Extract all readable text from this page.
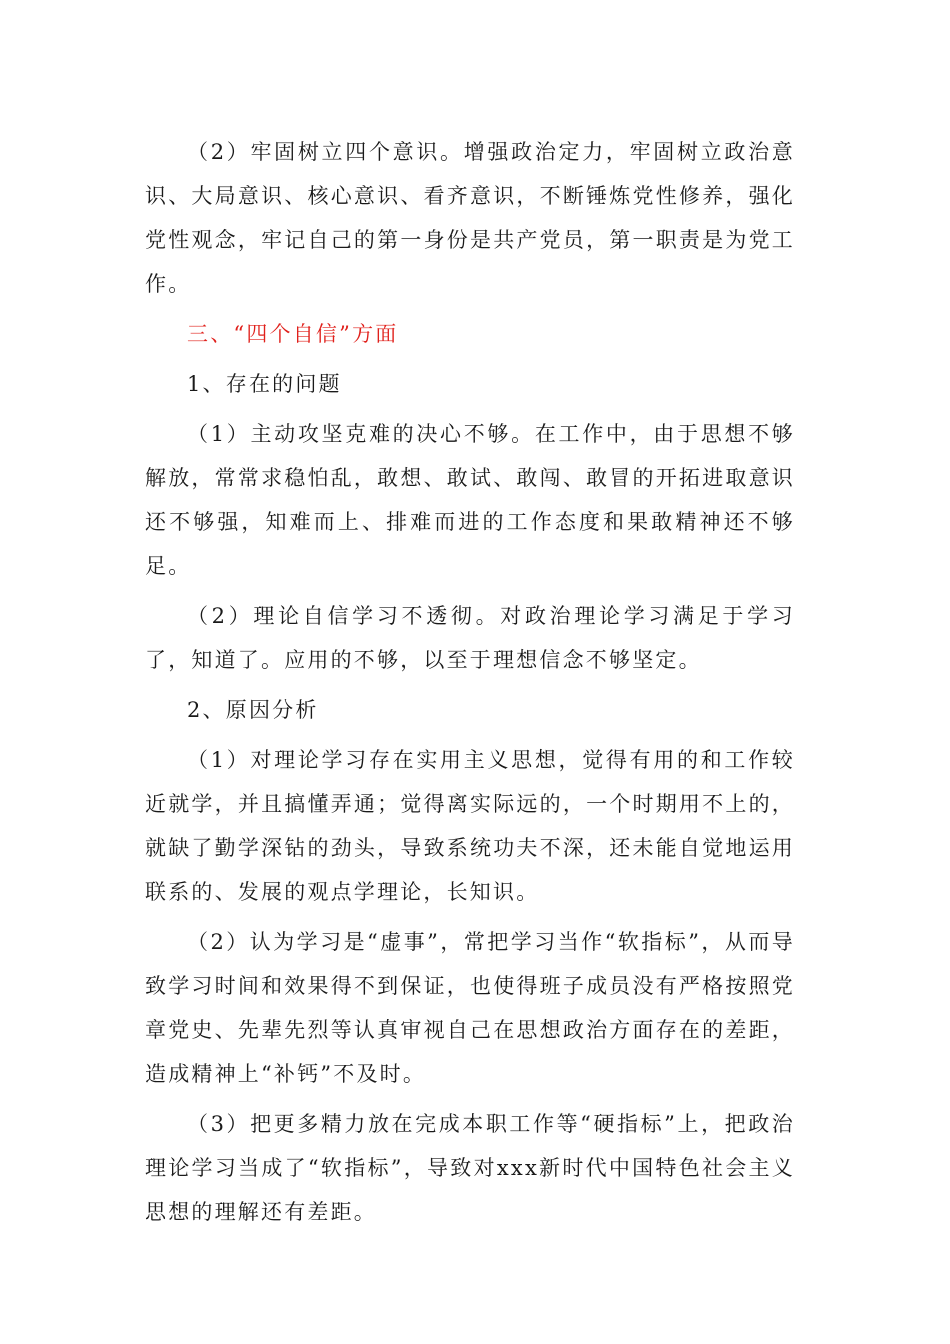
（2）牢固树立四个意识。增强政治定力，牢固树立政治意识、大局意识、核心意识、看齐意识，不断锤炼党性修养，强化党性观念，牢记自己的第一身份是共产党员，第一职责是为党工作。

三、“四个自信”方面

1、存在的问题

（1）主动攻坚克难的决心不够。在工作中，由于思想不够解放，常常求稳怕乱，敢想、敢试、敢闯、敢冒的开拓进取意识还不够强，知难而上、排难而进的工作态度和果敢精神还不够足。

（2）理论自信学习不透彻。对政治理论学习满足于学习了，知道了。应用的不够，以至于理想信念不够坚定。

2、原因分析

（1）对理论学习存在实用主义思想，觉得有用的和工作较近就学，并且搞懂弄通；觉得离实际远的，一个时期用不上的，就缺了勤学深钻的劲头，导致系统功夫不深，还未能自觉地运用联系的、发展的观点学理论，长知识。

（2）认为学习是“虚事”，常把学习当作“软指标”，从而导致学习时间和效果得不到保证，也使得班子成员没有严格按照党章党史、先辈先烈等认真审视自己在思想政治方面存在的差距，造成精神上“补钙”不及时。

（3）把更多精力放在完成本职工作等“硬指标”上，把政治理论学习当成了“软指标”，导致对xxx新时代中国特色社会主义思想的理解还有差距。
